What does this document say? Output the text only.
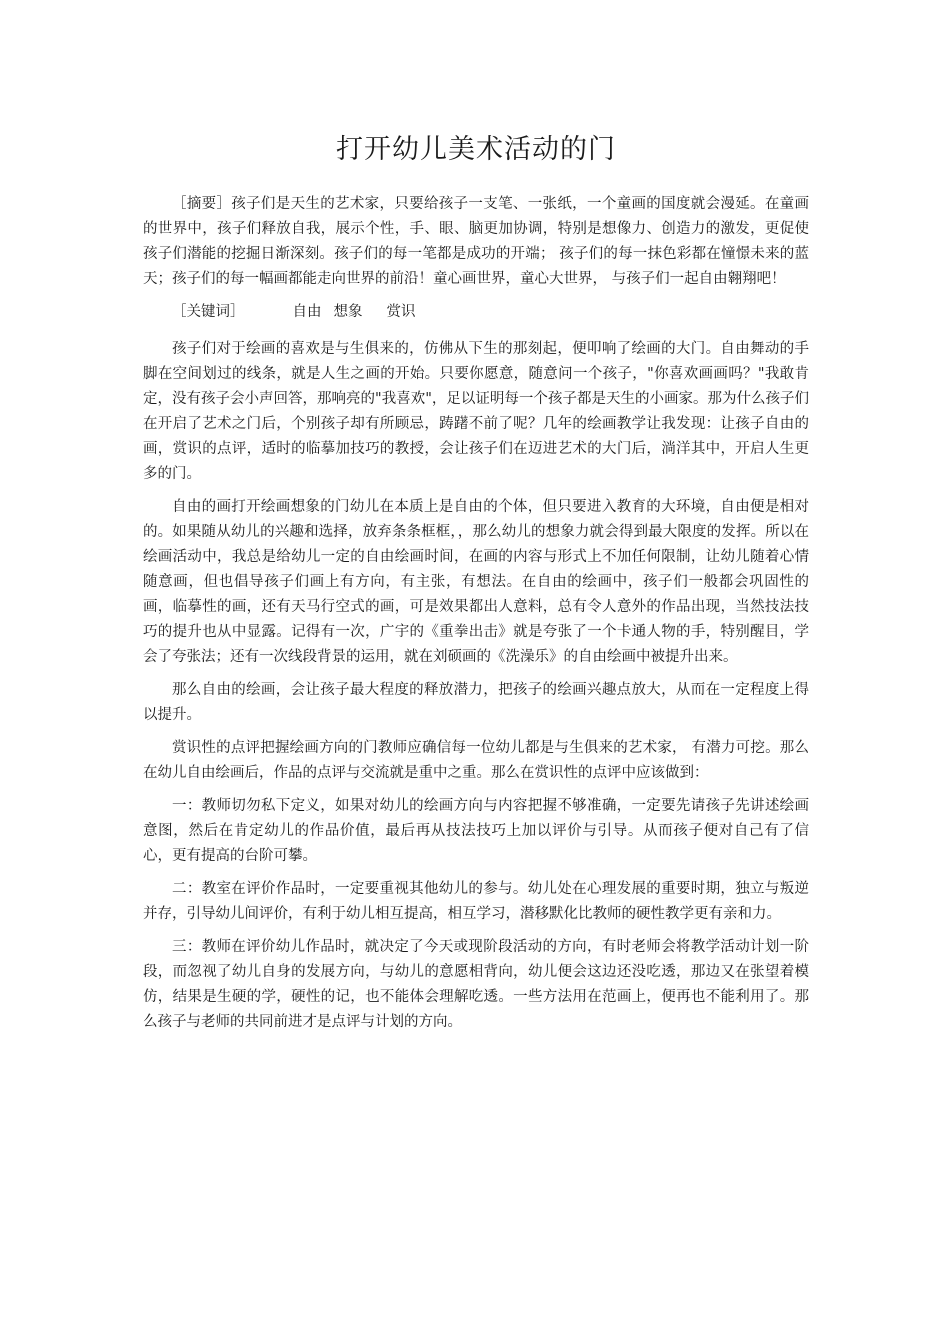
打开幼儿美术活动的门

［摘要］孩子们是天生的艺术家，只要给孩子一支笔、一张纸，一个童画的国度就会漫延。在童画的世界中，孩子们释放自我，展示个性，手、眼、脑更加协调，特别是想像力、创造力的激发，更促使孩子们潜能的挖掘日渐深刻。孩子们的每一笔都是成功的开端； 孩子们的每一抹色彩都在憧憬未来的蓝天；孩子们的每一幅画都能走向世界的前沿！童心画世界，童心大世界， 与孩子们一起自由翱翔吧！

［关键词］	自由 想象 赏识

孩子们对于绘画的喜欢是与生俱来的，仿佛从下生的那刻起，便叩响了绘画的大门。自由舞动的手脚在空间划过的线条，就是人生之画的开始。只要你愿意，随意问一个孩子，"你喜欢画画吗？"我敢肯定，没有孩子会小声回答，那响亮的"我喜欢"，足以证明每一个孩子都是天生的小画家。那为什么孩子们在开启了艺术之门后，个别孩子却有所顾忌，踌躇不前了呢？几年的绘画教学让我发现：让孩子自由的画，赏识的点评，适时的临摹加技巧的教授，会让孩子们在迈进艺术的大门后，淌洋其中，开启人生更多的门。

自由的画打开绘画想象的门幼儿在本质上是自由的个体，但只要进入教育的大环境，自由便是相对的。如果随从幼儿的兴趣和选择，放弃条条框框，，那么幼儿的想象力就会得到最大限度的发挥。所以在绘画活动中，我总是给幼儿一定的自由绘画时间，在画的内容与形式上不加任何限制，让幼儿随着心情随意画，但也倡导孩子们画上有方向，有主张，有想法。在自由的绘画中，孩子们一般都会巩固性的画，临摹性的画，还有天马行空式的画，可是效果都出人意料，总有令人意外的作品出现，当然技法技巧的提升也从中显露。记得有一次，广宇的《重拳出击》就是夸张了一个卡通人物的手，特别醒目，学会了夸张法；还有一次线段背景的运用，就在刘硕画的《洗澡乐》的自由绘画中被提升出来。

那么自由的绘画，会让孩子最大程度的释放潜力，把孩子的绘画兴趣点放大，从而在一定程度上得以提升。

赏识性的点评把握绘画方向的门教师应确信每一位幼儿都是与生俱来的艺术家， 有潜力可挖。那么在幼儿自由绘画后，作品的点评与交流就是重中之重。那么在赏识性的点评中应该做到：

一：教师切勿私下定义，如果对幼儿的绘画方向与内容把握不够准确，一定要先请孩子先讲述绘画意图，然后在肯定幼儿的作品价值，最后再从技法技巧上加以评价与引导。从而孩子便对自己有了信心，更有提高的台阶可攀。

二：教室在评价作品时，一定要重视其他幼儿的参与。幼儿处在心理发展的重要时期，独立与叛逆并存，引导幼儿间评价，有利于幼儿相互提高，相互学习，潜移默化比教师的硬性教学更有亲和力。

三：教师在评价幼儿作品时，就决定了今天或现阶段活动的方向，有时老师会将教学活动计划一阶段，而忽视了幼儿自身的发展方向，与幼儿的意愿相背向，幼儿便会这边还没吃透，那边又在张望着模仿，结果是生硬的学，硬性的记，也不能体会理解吃透。一些方法用在范画上，便再也不能利用了。那么孩子与老师的共同前进才是点评与计划的方向。
